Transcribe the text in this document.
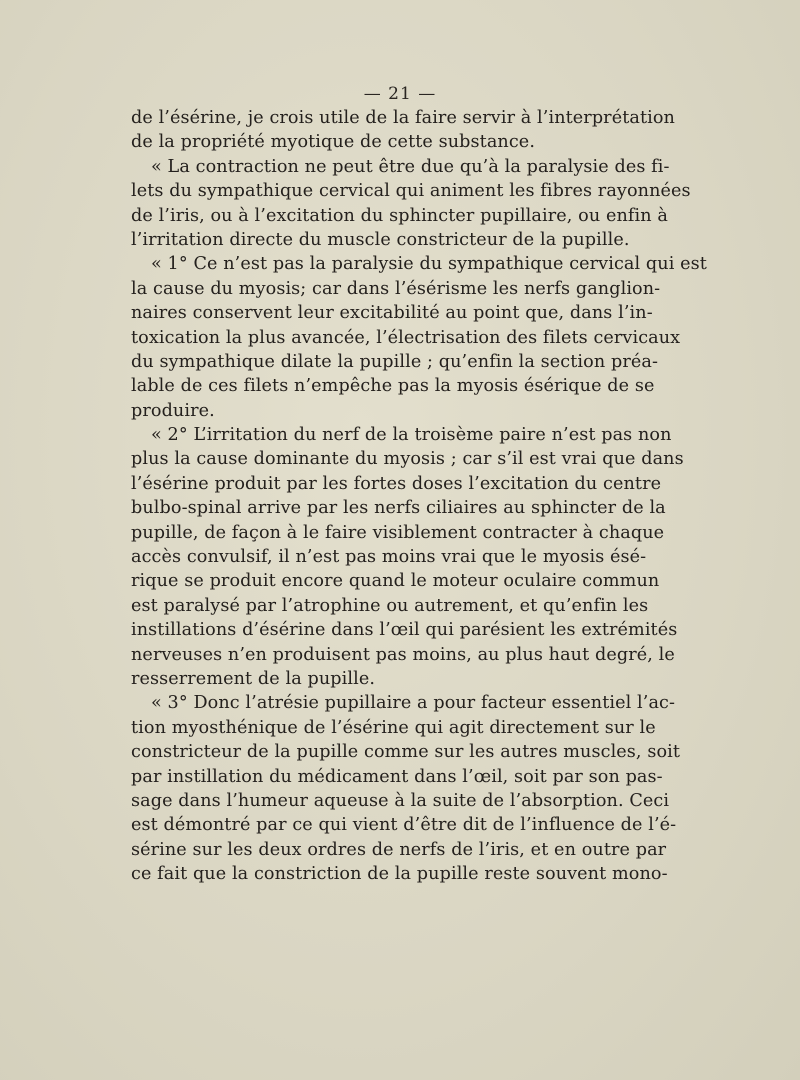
— 21 —
de l’ésérine, je crois utile de la faire servir à l’interprétation
de la propriété myotique de cette substance.
« La contraction ne peut être due qu’à la paralysie des fi-
lets du sympathique cervical qui animent les fibres rayonnées
de l’iris, ou à l’excitation du sphincter pupillaire, ou enfin à
l’irritation directe du muscle constricteur de la pupille.
« 1° Ce n’est pas la paralysie du sympathique cervical qui est
la cause du myosis; car dans l’ésérisme les nerfs ganglion-
naires conservent leur excitabilité au point que, dans l’in-
toxication la plus avancée, l’électrisation des filets cervicaux
du sympathique dilate la pupille ; qu’enfin la section préa-
lable de ces filets n’empêche pas la myosis ésérique de se
produire.
« 2° L’irritation du nerf de la troisème paire n’est pas non
plus la cause dominante du myosis ; car s’il est vrai que dans
l’ésérine produit par les fortes doses l’excitation du centre
bulbo-spinal arrive par les nerfs ciliaires au sphincter de la
pupille, de façon à le faire visiblement contracter à chaque
accès convulsif, il n’est pas moins vrai que le myosis ésé-
rique se produit encore quand le moteur oculaire commun
est paralysé par l’atrophine ou autrement, et qu’enfin les
instillations d’ésérine dans l’œil qui parésient les extrémités
nerveuses n’en produisent pas moins, au plus haut degré, le
resserrement de la pupille.
« 3° Donc l’atrésie pupillaire a pour facteur essentiel l’ac-
tion myosthénique de l’ésérine qui agit directement sur le
constricteur de la pupille comme sur les autres muscles, soit
par instillation du médicament dans l’œil, soit par son pas-
sage dans l’humeur aqueuse à la suite de l’absorption. Ceci
est démontré par ce qui vient d’être dit de l’influence de l’é-
sérine sur les deux ordres de nerfs de l’iris, et en outre par
ce fait que la constriction de la pupille reste souvent mono-
